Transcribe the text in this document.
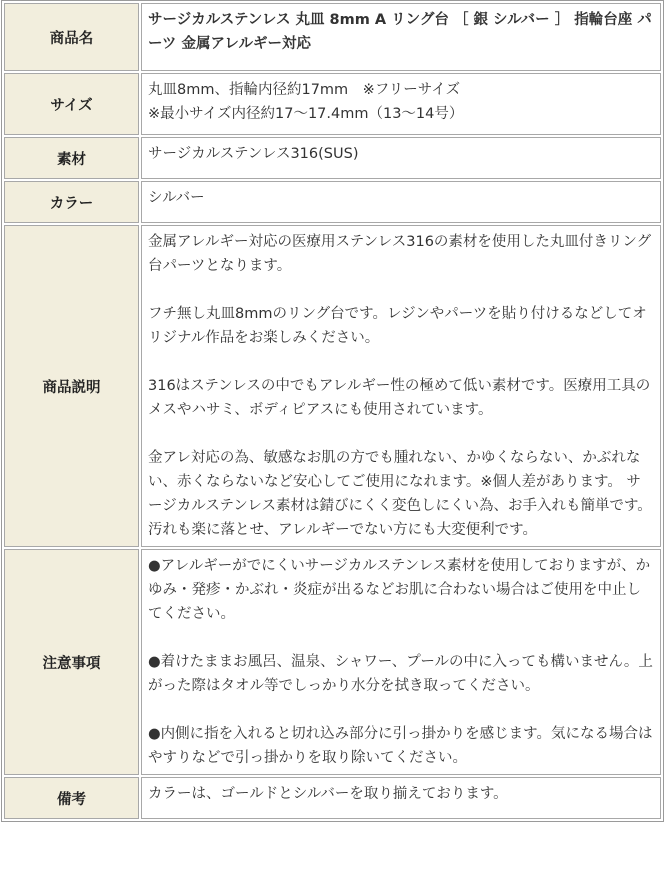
商品名	サージカルステンレス 丸皿 8mm A リング台 ［ 銀 シルバー ］ 指輪台座 パーツ 金属アレルギー対応
サイズ	丸皿8mm、指輪内径約17mm　※フリーサイズ
※最小サイズ内径約17～17.4mm（13～14号）

素材	サージカルステンレス316(SUS)
カラー	シルバー
商品説明	金属アレルギー対応の医療用ステンレス316の素材を使用した丸皿付きリング台パーツとなります。
フチ無し丸皿8mmのリング台です。レジンやパーツを貼り付けるなどしてオリジナル作品をお楽しみください。
316はステンレスの中でもアレルギー性の極めて低い素材です。医療用工具のメスやハサミ、ボディピアスにも使用されています。
金アレ対応の為、敏感なお肌の方でも腫れない、かゆくならない、かぶれない、赤くならないなど安心してご使用になれます。※個人差があります。 サージカルステンレス素材は錆びにくく変色しにくい為、お手入れも簡単です。汚れも楽に落とせ、アレルギーでない方にも大変便利です。

注意事項	●アレルギーがでにくいサージカルステンレス素材を使用しておりますが、かゆみ・発疹・かぶれ・炎症が出るなどお肌に合わない場合はご使用を中止してください。
●着けたままお風呂、温泉、シャワー、プールの中に入っても構いません。上がった際はタオル等でしっかり水分を拭き取ってください。
●内側に指を入れると切れ込み部分に引っ掛かりを感じます。気になる場合はやすりなどで引っ掛かりを取り除いてください。

備考	カラーは、ゴールドとシルバーを取り揃えております。
